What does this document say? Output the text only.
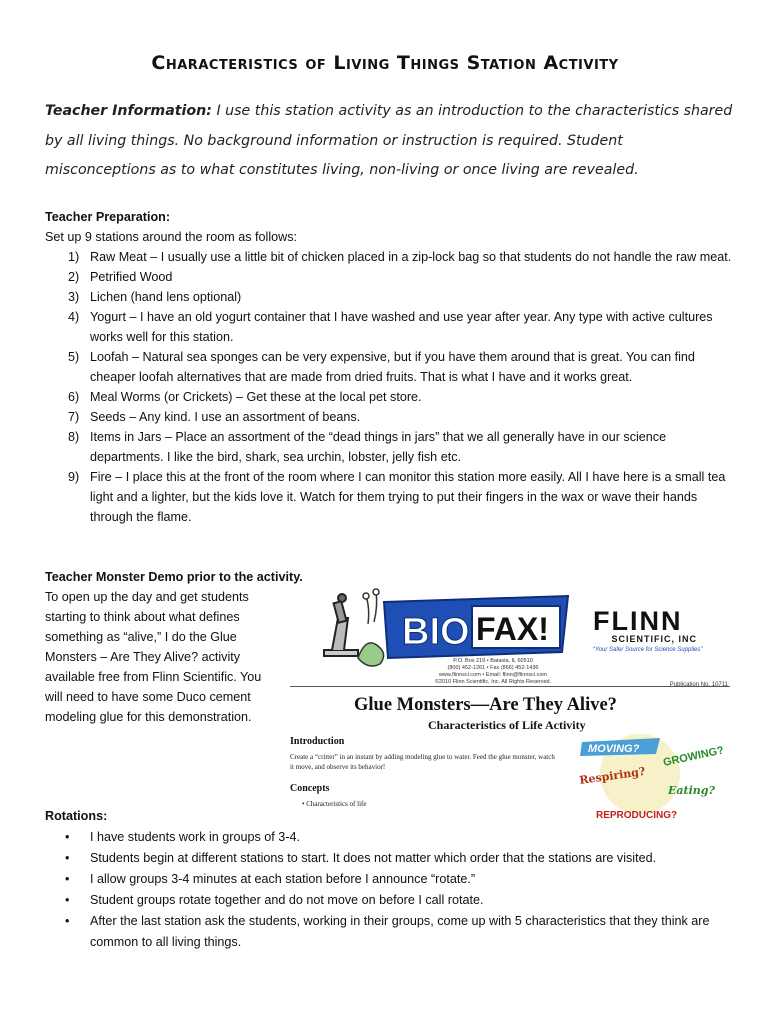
Characteristics of Living Things Station Activity
Teacher Information: I use this station activity as an introduction to the characteristics shared by all living things. No background information or instruction is required. Student misconceptions as to what constitutes living, non-living or once living are revealed.
Teacher Preparation:
Set up 9 stations around the room as follows:
Raw Meat – I usually use a little bit of chicken placed in a zip-lock bag so that students do not handle the raw meat.
Petrified Wood
Lichen (hand lens optional)
Yogurt – I have an old yogurt container that I have washed and use year after year. Any type with active cultures works well for this station.
Loofah – Natural sea sponges can be very expensive, but if you have them around that is great. You can find cheaper loofah alternatives that are made from dried fruits. That is what I have and it works great.
Meal Worms (or Crickets) – Get these at the local pet store.
Seeds – Any kind. I use an assortment of beans.
Items in Jars – Place an assortment of the “dead things in jars” that we all generally have in our science departments. I like the bird, shark, sea urchin, lobster, jelly fish etc.
Fire – I place this at the front of the room where I can monitor this station more easily. All I have here is a small tea light and a lighter, but the kids love it. Watch for them trying to put their fingers in the wax or wave their hands through the flame.
Teacher Monster Demo prior to the activity.
To open up the day and get students starting to think about what defines something as “alive,” I do the Glue Monsters – Are They Alive? activity available free from Flinn Scientific. You will need to have some Duco cement modeling glue for this demonstration.
BIO FAX!
P.O. Box 219 • Batavia, IL 60510
(800) 452-1261 • Fax (866) 452-1436
www.flinnsci.com • Email: flinn@flinnsci.com
©2010 Flinn Scientific, Inc. All Rights Reserved.
FLINN
SCIENTIFIC, INC
“Your Safer Source for Science Supplies”
Publication No. 10711
Glue Monsters—Are They Alive?
Characteristics of Life Activity
Introduction
Create a “critter” in an instant by adding modeling glue to water. Feed the glue monster, watch it move, and observe its behavior!
Concepts
• Characteristics of life
MOVING? GROWING?
Respiring?
Eating?
REPRODUCING?
Rotations:
• I have students work in groups of 3-4.
• Students begin at different stations to start. It does not matter which order that the stations are visited.
• I allow groups 3-4 minutes at each station before I announce “rotate.”
• Student groups rotate together and do not move on before I call rotate.
• After the last station ask the students, working in their groups, come up with 5 characteristics that they think are common to all living things.
